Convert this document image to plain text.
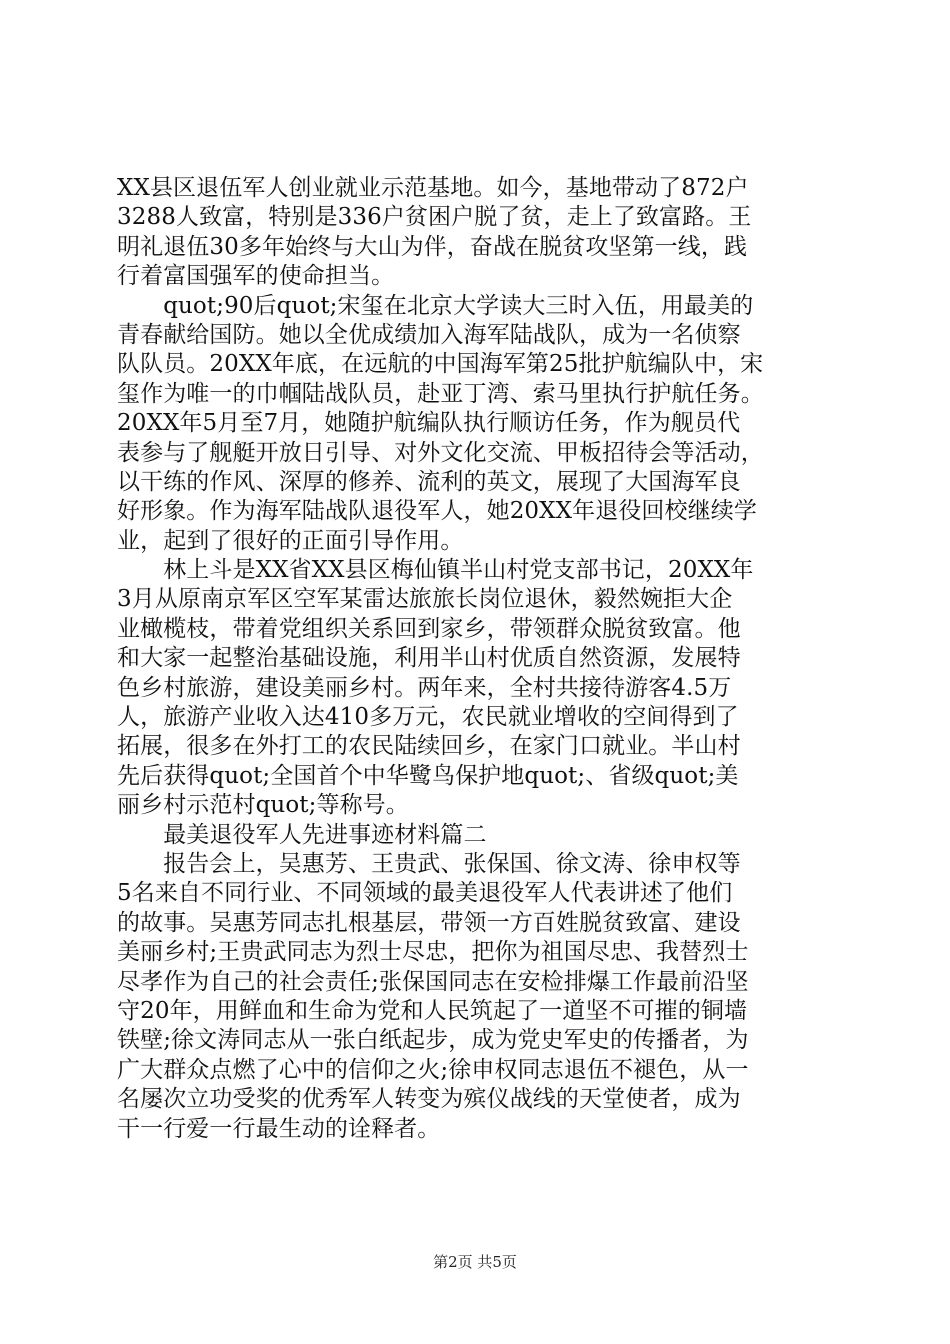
XX县区退伍军人创业就业示范基地。如今，基地带动了872户
3288人致富，特别是336户贫困户脱了贫，走上了致富路。王
明礼退伍30多年始终与大山为伴，奋战在脱贫攻坚第一线，践
行着富国强军的使命担当。
　　quot;90后quot;宋玺在北京大学读大三时入伍，用最美的
青春献给国防。她以全优成绩加入海军陆战队，成为一名侦察
队队员。20XX年底，在远航的中国海军第25批护航编队中，宋
玺作为唯一的巾帼陆战队员，赴亚丁湾、索马里执行护航任务。
20XX年5月至7月，她随护航编队执行顺访任务，作为舰员代
表参与了舰艇开放日引导、对外文化交流、甲板招待会等活动，
以干练的作风、深厚的修养、流利的英文，展现了大国海军良
好形象。作为海军陆战队退役军人，她20XX年退役回校继续学
业，起到了很好的正面引导作用。
　　林上斗是XX省XX县区梅仙镇半山村党支部书记，20XX年
3月从原南京军区空军某雷达旅旅长岗位退休，毅然婉拒大企
业橄榄枝，带着党组织关系回到家乡，带领群众脱贫致富。他
和大家一起整治基础设施，利用半山村优质自然资源，发展特
色乡村旅游，建设美丽乡村。两年来，全村共接待游客4.5万
人，旅游产业收入达410多万元，农民就业增收的空间得到了
拓展，很多在外打工的农民陆续回乡，在家门口就业。半山村
先后获得quot;全国首个中华鹭鸟保护地quot;、省级quot;美
丽乡村示范村quot;等称号。
　　最美退役军人先进事迹材料篇二
　　报告会上，吴惠芳、王贵武、张保国、徐文涛、徐申权等
5名来自不同行业、不同领域的最美退役军人代表讲述了他们
的故事。吴惠芳同志扎根基层，带领一方百姓脱贫致富、建设
美丽乡村;王贵武同志为烈士尽忠，把你为祖国尽忠、我替烈士
尽孝作为自己的社会责任;张保国同志在安检排爆工作最前沿坚
守20年，用鲜血和生命为党和人民筑起了一道坚不可摧的铜墙
铁壁;徐文涛同志从一张白纸起步，成为党史军史的传播者，为
广大群众点燃了心中的信仰之火;徐申权同志退伍不褪色，从一
名屡次立功受奖的优秀军人转变为殡仪战线的天堂使者，成为
干一行爱一行最生动的诠释者。
第2页 共5页
